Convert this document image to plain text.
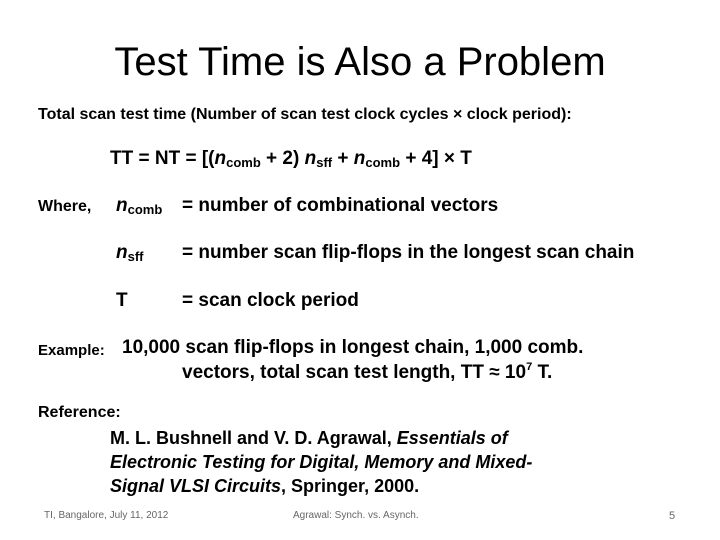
Test Time is Also a Problem
Total scan test time (Number of scan test clock cycles × clock period):
TT = NT = $[(n_{comb} + 2) n_{sff} + n_{comb} + 4] \times T$
Where, $n_{comb}$ = number of combinational vectors
$n_{sff}$ = number scan flip-flops in the longest scan chain
T	= scan clock period
Example: 10,000 scan flip-flops in longest chain, 1,000 comb.
vectors, total scan test length, TT ≈ $10^7$ T.
Reference:
M. L. Bushnell and V. D. Agrawal, Essentials of
Electronic Testing for Digital, Memory and Mixed-
Signal VLSI Circuits, Springer, 2000.
TI, Bangalore, July 11, 2012	Agrawal: Synch. vs. Asynch.	5
